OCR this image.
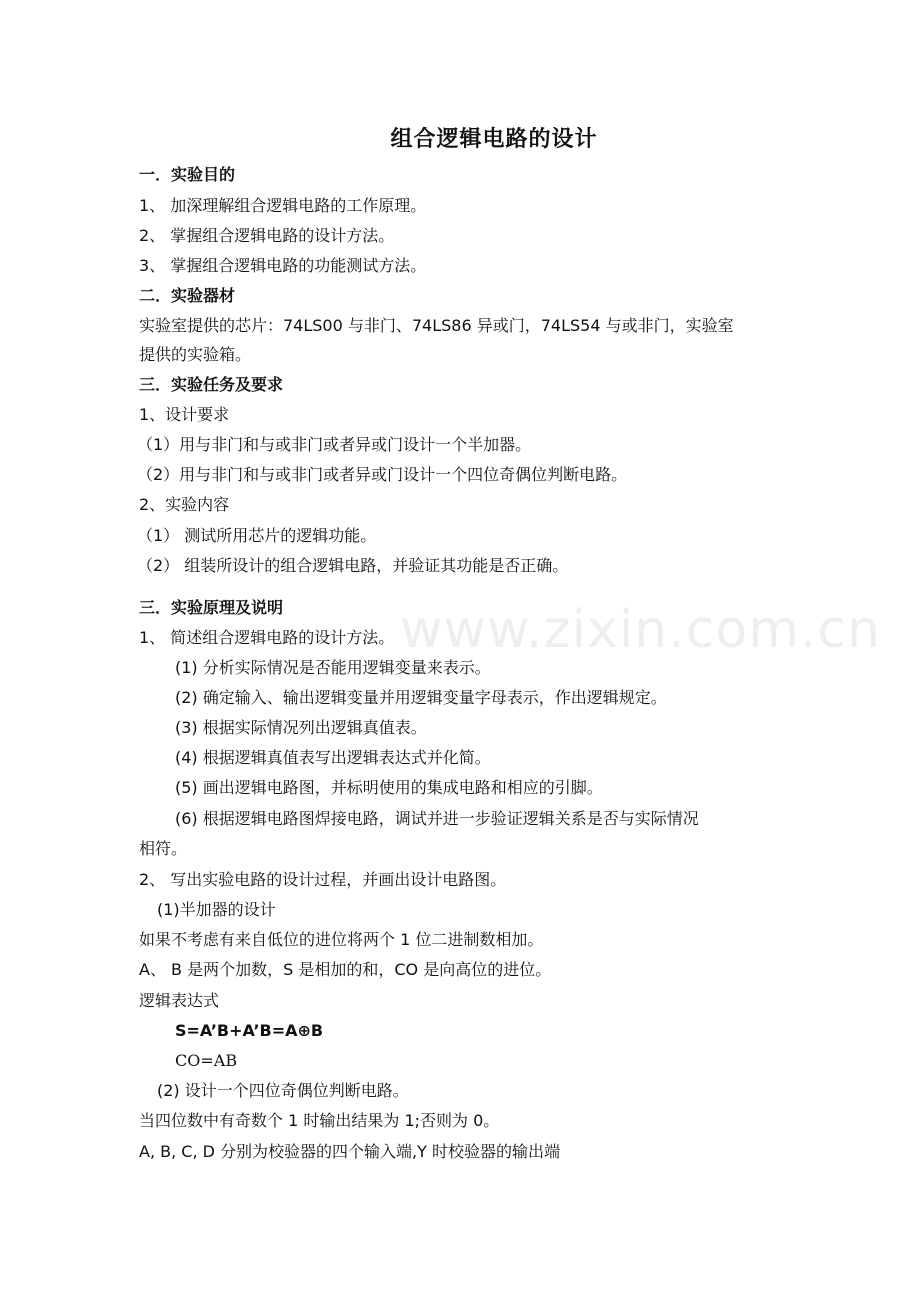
www.zixin.com.cn
组合逻辑电路的设计
一．实验目的
1、 加深理解组合逻辑电路的工作原理。
2、 掌握组合逻辑电路的设计方法。
3、 掌握组合逻辑电路的功能测试方法。
二．实验器材
实验室提供的芯片：74LS00 与非门、74LS86 异或门，74LS54 与或非门，实验室
提供的实验箱。
三．实验任务及要求
1、设计要求
（1）用与非门和与或非门或者异或门设计一个半加器。
（2）用与非门和与或非门或者异或门设计一个四位奇偶位判断电路。
2、实验内容
（1） 测试所用芯片的逻辑功能。
（2） 组装所设计的组合逻辑电路，并验证其功能是否正确。
三．实验原理及说明
1、 简述组合逻辑电路的设计方法。
(1) 分析实际情况是否能用逻辑变量来表示。
(2) 确定输入、输出逻辑变量并用逻辑变量字母表示，作出逻辑规定。
(3) 根据实际情况列出逻辑真值表。
(4) 根据逻辑真值表写出逻辑表达式并化简。
(5) 画出逻辑电路图，并标明使用的集成电路和相应的引脚。
(6) 根据逻辑电路图焊接电路，调试并进一步验证逻辑关系是否与实际情况
相符。
2、 写出实验电路的设计过程，并画出设计电路图。
(1)半加器的设计
如果不考虑有来自低位的进位将两个 1 位二进制数相加。
A、 B 是两个加数，S 是相加的和，CO 是向高位的进位。
逻辑表达式
S=A’B+A’B=A⊕B
CO=AB
(2) 设计一个四位奇偶位判断电路。
当四位数中有奇数个 1 时输出结果为 1;否则为 0。
A, B, C, D 分别为校验器的四个输入端,Y 时校验器的输出端
